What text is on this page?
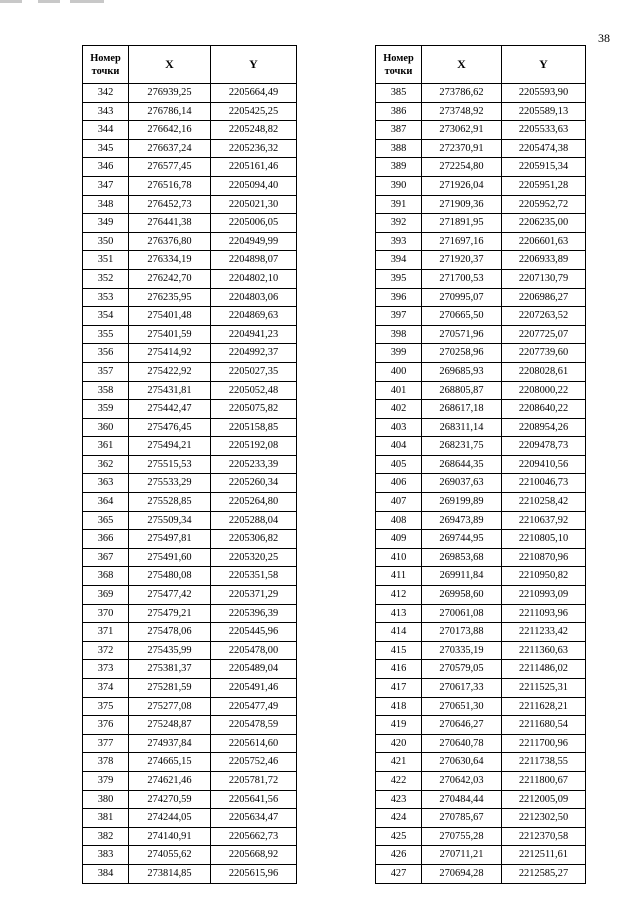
38
Номер
точки	X	Y
342	276939,25	2205664,49
343	276786,14	2205425,25
344	276642,16	2205248,82
345	276637,24	2205236,32
346	276577,45	2205161,46
347	276516,78	2205094,40
348	276452,73	2205021,30
349	276441,38	2205006,05
350	276376,80	2204949,99
351	276334,19	2204898,07
352	276242,70	2204802,10
353	276235,95	2204803,06
354	275401,48	2204869,63
355	275401,59	2204941,23
356	275414,92	2204992,37
357	275422,92	2205027,35
358	275431,81	2205052,48
359	275442,47	2205075,82
360	275476,45	2205158,85
361	275494,21	2205192,08
362	275515,53	2205233,39
363	275533,29	2205260,34
364	275528,85	2205264,80
365	275509,34	2205288,04
366	275497,81	2205306,82
367	275491,60	2205320,25
368	275480,08	2205351,58
369	275477,42	2205371,29
370	275479,21	2205396,39
371	275478,06	2205445,96
372	275435,99	2205478,00
373	275381,37	2205489,04
374	275281,59	2205491,46
375	275277,08	2205477,49
376	275248,87	2205478,59
377	274937,84	2205614,60
378	274665,15	2205752,46
379	274621,46	2205781,72
380	274270,59	2205641,56
381	274244,05	2205634,47
382	274140,91	2205662,73
383	274055,62	2205668,92
384	273814,85	2205615,96
Номер
точки	X	Y
385	273786,62	2205593,90
386	273748,92	2205589,13
387	273062,91	2205533,63
388	272370,91	2205474,38
389	272254,80	2205915,34
390	271926,04	2205951,28
391	271909,36	2205952,72
392	271891,95	2206235,00
393	271697,16	2206601,63
394	271920,37	2206933,89
395	271700,53	2207130,79
396	270995,07	2206986,27
397	270665,50	2207263,52
398	270571,96	2207725,07
399	270258,96	2207739,60
400	269685,93	2208028,61
401	268805,87	2208000,22
402	268617,18	2208640,22
403	268311,14	2208954,26
404	268231,75	2209478,73
405	268644,35	2209410,56
406	269037,63	2210046,73
407	269199,89	2210258,42
408	269473,89	2210637,92
409	269744,95	2210805,10
410	269853,68	2210870,96
411	269911,84	2210950,82
412	269958,60	2210993,09
413	270061,08	2211093,96
414	270173,88	2211233,42
415	270335,19	2211360,63
416	270579,05	2211486,02
417	270617,33	2211525,31
418	270651,30	2211628,21
419	270646,27	2211680,54
420	270640,78	2211700,96
421	270630,64	2211738,55
422	270642,03	2211800,67
423	270484,44	2212005,09
424	270785,67	2212302,50
425	270755,28	2212370,58
426	270711,21	2212511,61
427	270694,28	2212585,27
